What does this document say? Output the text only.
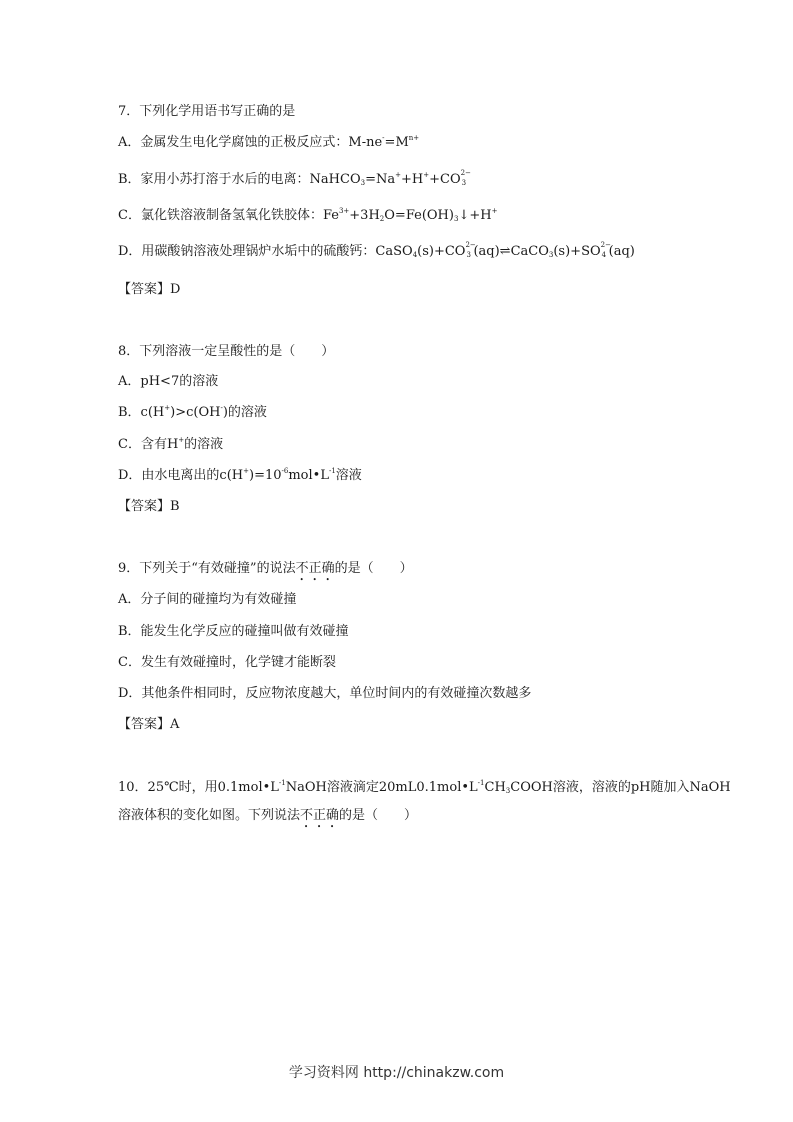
7．下列化学用语书写正确的是
A．金属发生电化学腐蚀的正极反应式：$M-ne^-=M^{n+}$
B．家用小苏打溶于水后的电离：NaHCO$_3$=Na++H++CO 2−
3
C．氯化铁溶液制备氢氧化铁胶体：$Fe^{3+}+3H_2O=Fe(OH)_3↓+H^+$
D．用碳酸钠溶液处理锅炉水垢中的硫酸钙：CaSO$_4$(s)+CO 2−
3 (aq)⇌CaCO$_3$(s)+SO 2−
4 (aq)
【答案】D
8．下列溶液一定呈酸性的是（　　）
A．pH<7的溶液
B．c(H+)>c(OH-)的溶液
C．含有H+的溶液
D．由水电离出的$c(H^+)=10^{-6}mol•L^{-1}$溶液
【答案】B
9．下列关于“有效碰撞”的说法不正确的是（　　）
A．分子间的碰撞均为有效碰撞
B．能发生化学反应的碰撞叫做有效碰撞
C．发生有效碰撞时，化学键才能断裂
D．其他条件相同时，反应物浓度越大，单位时间内的有效碰撞次数越多
【答案】A
10．25℃时，用$0.1mol•L^{-1}NaOH$溶液滴定$20mL0.1mol•L^{-1}CH_3COOH$溶液，溶液的pH随加入NaOH
溶液体积的变化如图。下列说法不正确的是（　　）
学习资料网 http://chinakzw.com
